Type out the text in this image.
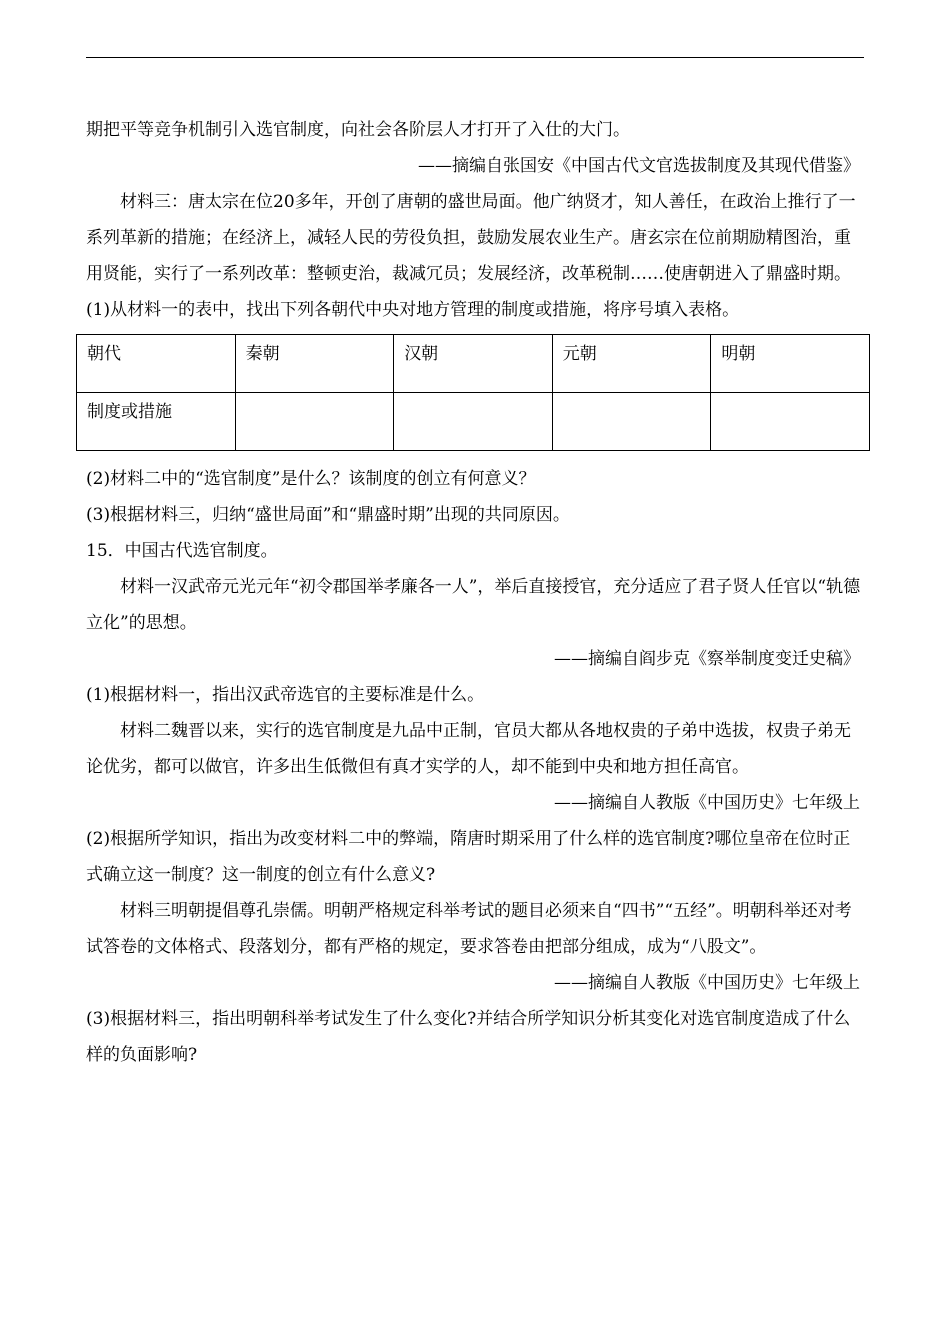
期把平等竞争机制引入选官制度，向社会各阶层人才打开了入仕的大门。

——摘编自张国安《中国古代文官选拔制度及其现代借鉴》

材料三：唐太宗在位20多年，开创了唐朝的盛世局面。他广纳贤才，知人善任，在政治上推行了一系列革新的措施；在经济上，减轻人民的劳役负担，鼓励发展农业生产。唐玄宗在位前期励精图治，重用贤能，实行了一系列改革：整顿吏治，裁减冗员；发展经济，改革税制……使唐朝进入了鼎盛时期。

(1)从材料一的表中，找出下列各朝代中央对地方管理的制度或措施，将序号填入表格。

朝代	秦朝	汉朝	元朝	明朝
制度或措施				

(2)材料二中的“选官制度”是什么？该制度的创立有何意义？

(3)根据材料三，归纳“盛世局面”和“鼎盛时期”出现的共同原因。

15．中国古代选官制度。

材料一汉武帝元光元年“初令郡国举孝廉各一人”，举后直接授官，充分适应了君子贤人任官以“轨德立化”的思想。

——摘编自阎步克《察举制度变迁史稿》

(1)根据材料一，指出汉武帝选官的主要标准是什么。

材料二魏晋以来，实行的选官制度是九品中正制，官员大都从各地权贵的子弟中选拔，权贵子弟无论优劣，都可以做官，许多出生低微但有真才实学的人，却不能到中央和地方担任高官。

——摘编自人教版《中国历史》七年级上

(2)根据所学知识，指出为改变材料二中的弊端，隋唐时期采用了什么样的选官制度?哪位皇帝在位时正式确立这一制度？这一制度的创立有什么意义?

材料三明朝提倡尊孔崇儒。明朝严格规定科举考试的题目必须来自“四书”“五经”。明朝科举还对考试答卷的文体格式、段落划分，都有严格的规定，要求答卷由把部分组成，成为“八股文”。

——摘编自人教版《中国历史》七年级上

(3)根据材料三，指出明朝科举考试发生了什么变化?并结合所学知识分析其变化对选官制度造成了什么样的负面影响?
